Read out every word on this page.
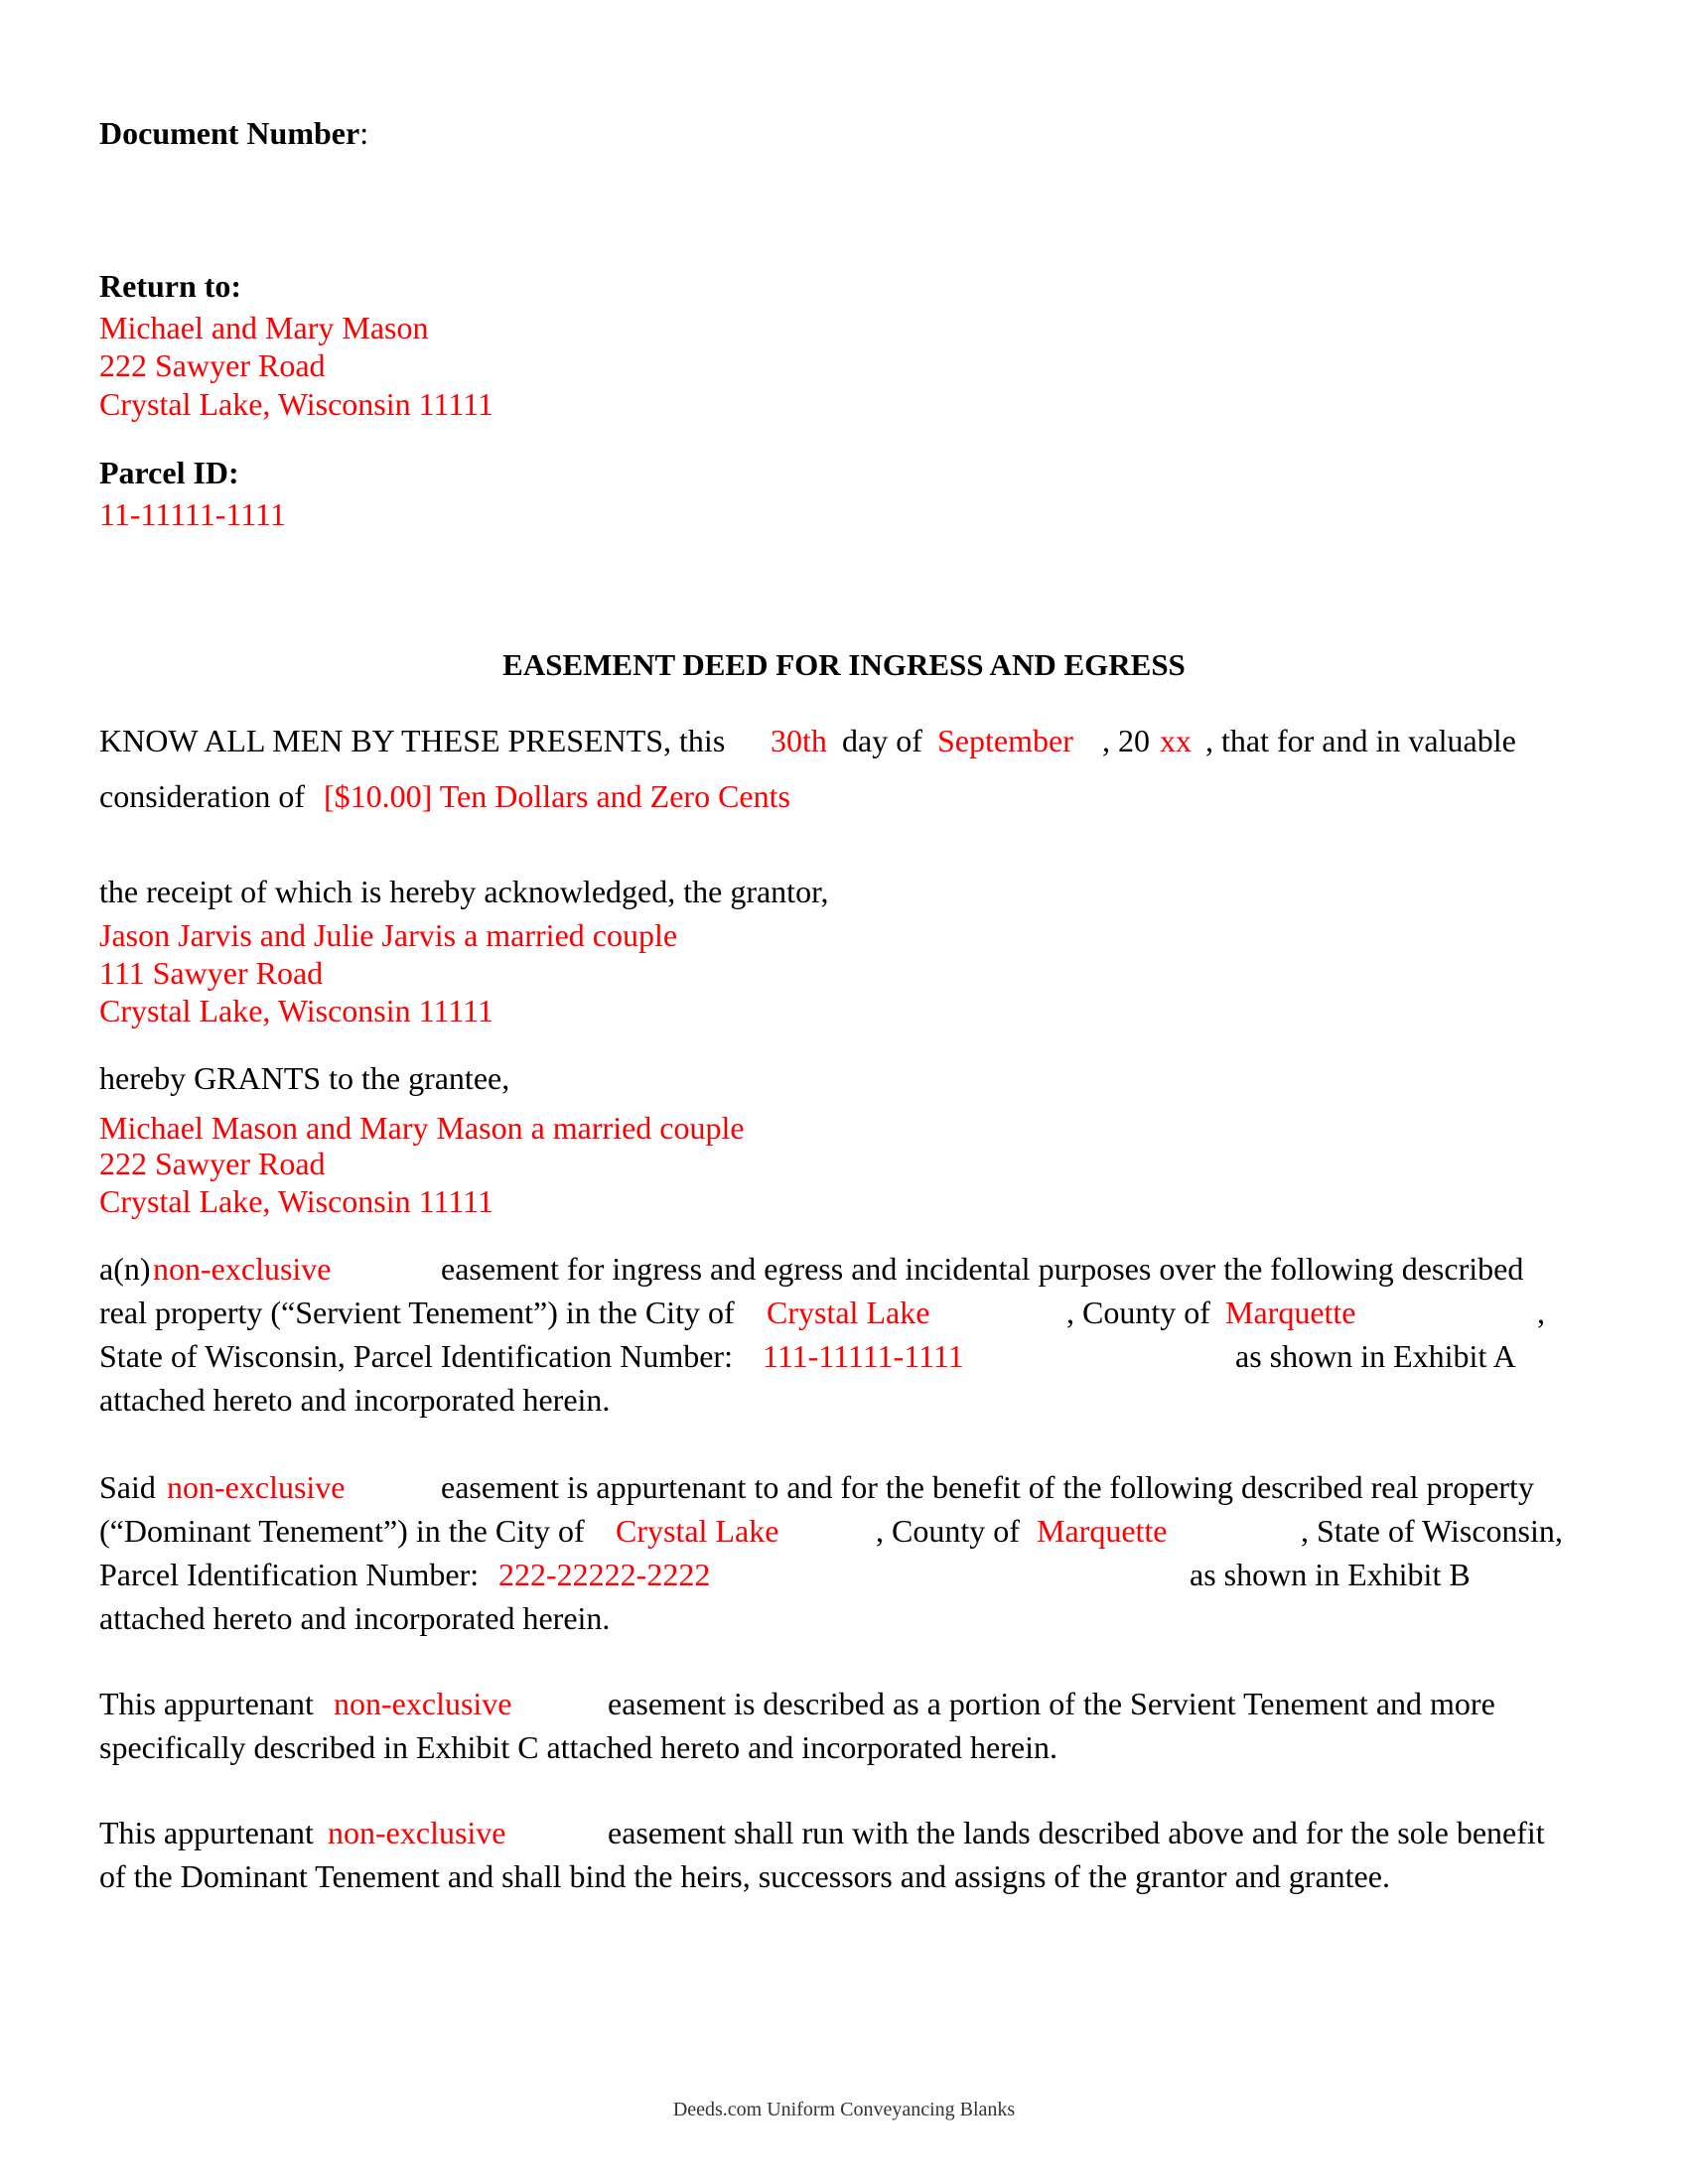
Document Number:
Return to:
Michael and Mary Mason
222 Sawyer Road
Crystal Lake, Wisconsin 11111
Parcel ID:
11-11111-1111
EASEMENT DEED FOR INGRESS AND EGRESS
KNOW ALL MEN BY THESE PRESENTS, this 30th day of September , 20 xx , that for and in valuable
consideration of [$10.00] Ten Dollars and Zero Cents
the receipt of which is hereby acknowledged, the grantor,
Jason Jarvis and Julie Jarvis a married couple
111 Sawyer Road
Crystal Lake, Wisconsin 11111
hereby GRANTS to the grantee,
Michael Mason and Mary Mason a married couple
222 Sawyer Road
Crystal Lake, Wisconsin 11111
a(n) non-exclusive	easement for ingress and egress and incidental purposes over the following described
real property (“Servient Tenement”) in the City of Crystal Lake	, County of Marquette	,
State of Wisconsin, Parcel Identification Number: 111-11111-1111	as shown in Exhibit A
attached hereto and incorporated herein.
Said non-exclusive	easement is appurtenant to and for the benefit of the following described real property
(“Dominant Tenement”) in the City of Crystal Lake	, County of Marquette	, State of Wisconsin,
Parcel Identification Number: 222-22222-2222	as shown in Exhibit B
attached hereto and incorporated herein.
This appurtenant non-exclusive	easement is described as a portion of the Servient Tenement and more
specifically described in Exhibit C attached hereto and incorporated herein.
This appurtenant non-exclusive	easement shall run with the lands described above and for the sole benefit
of the Dominant Tenement and shall bind the heirs, successors and assigns of the grantor and grantee.
Deeds.com Uniform Conveyancing Blanks
